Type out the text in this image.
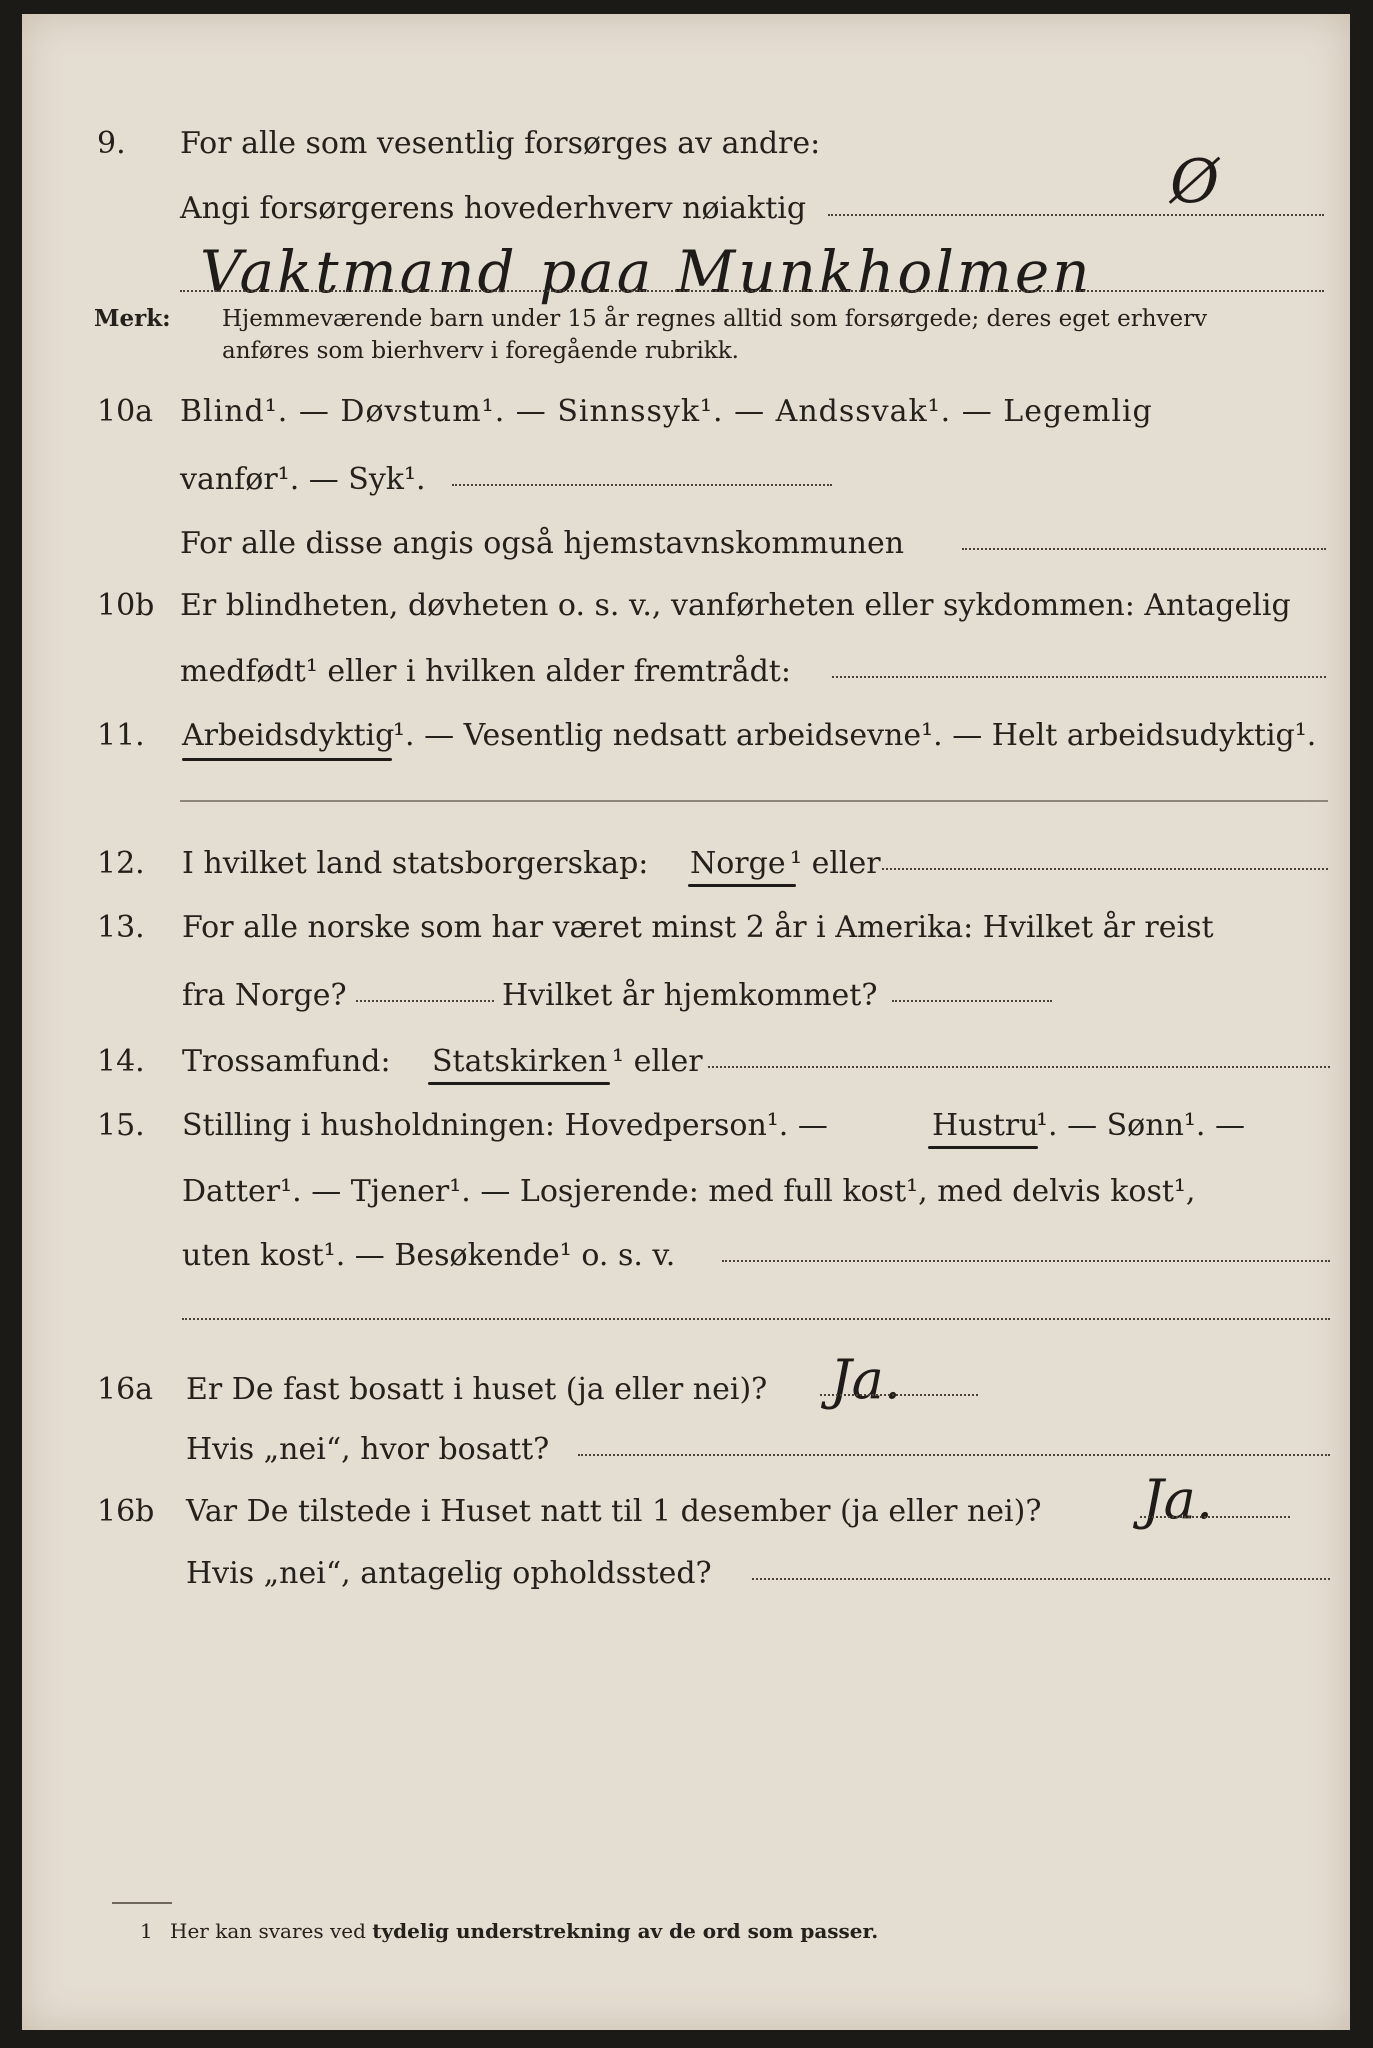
9. For alle som vesentlig forsørges av andre:
Angi forsørgerens hovederhverv nøiaktig	Ø
Vaktmand paa Munkholmen
Merk: Hjemmeværende barn under 15 år regnes alltid som forsørgede; deres eget erhverv
anføres som bierhverv i foregående rubrikk.
10a Blind¹. — Døvstum¹. — Sinnssyk¹. — Andssvak¹. — Legemlig
vanfør¹. — Syk¹.
For alle disse angis også hjemstavnskommunen
10b Er blindheten, døvheten o. s. v., vanførheten eller sykdommen: Antagelig
medfødt¹ eller i hvilken alder fremtrådt:
11. Arbeidsdyktig
¹. — Vesentlig nedsatt arbeidsevne¹. — Helt arbeidsudyktig¹.
12. I hvilket land statsborgerskap: Norge ¹ eller
13. For alle norske som har været minst 2 år i Amerika: Hvilket år reist
fra Norge?	Hvilket år hjemkommet?
14. Trossamfund: Statskirken ¹ eller
15. Stilling i husholdningen: Hovedperson¹. —	Hustru
¹. — Sønn¹. —
Datter¹. — Tjener¹. — Losjerende: med full kost¹, med delvis kost¹,
uten kost¹. — Besøkende¹ o. s. v.
16a Er De fast bosatt i huset (ja eller nei)? Ja.
Hvis „nei“, hvor bosatt?
16b Var De tilstede i Huset natt til 1 desember (ja eller nei)? Ja.
Hvis „nei“, antagelig opholdssted?
1 Her kan svares ved tydelig understrekning av de ord som passer.
